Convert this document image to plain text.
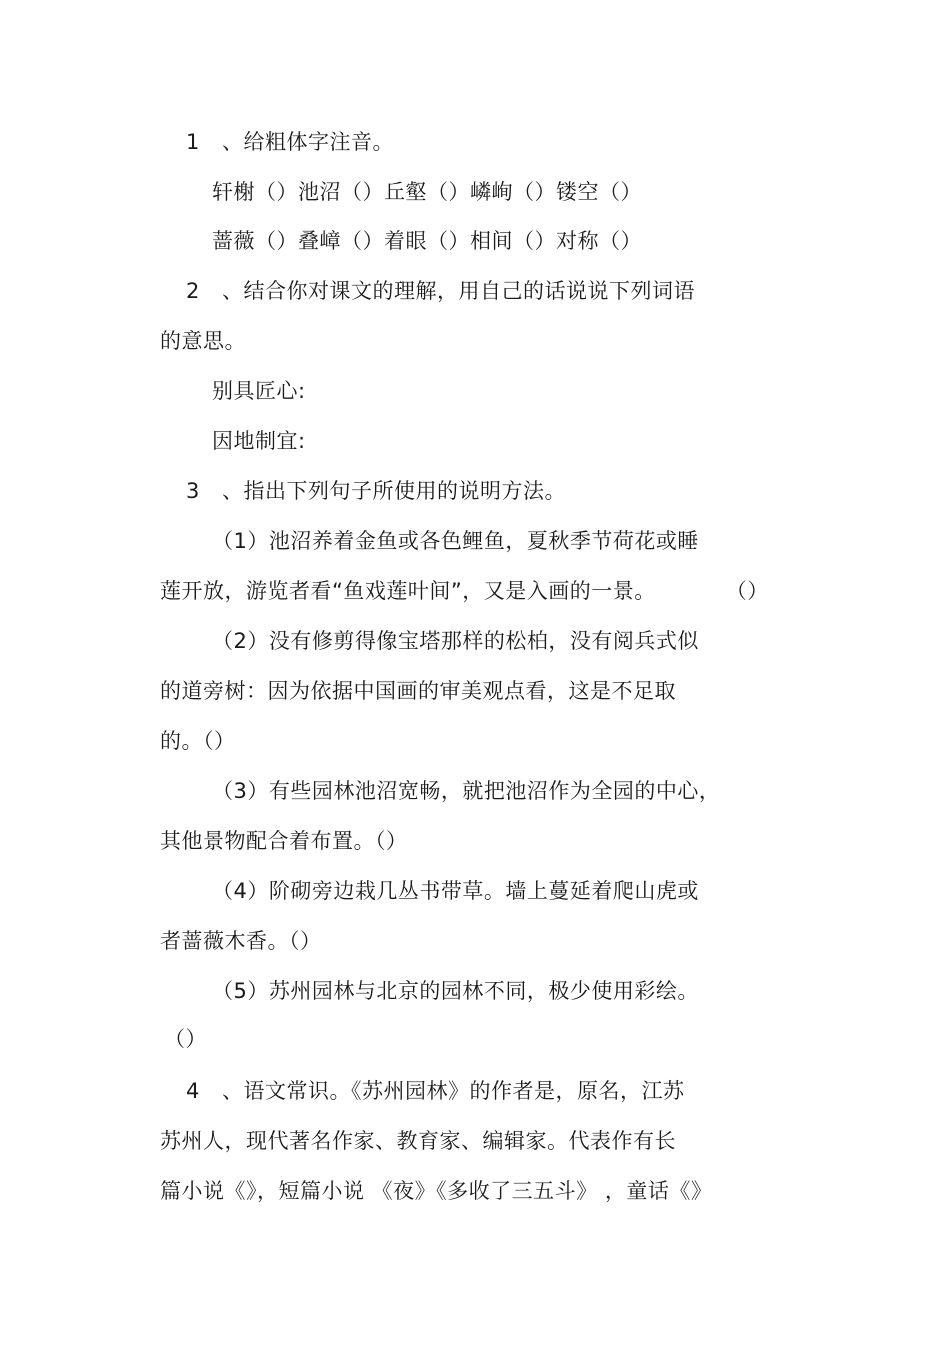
1 、给粗体字注音。
轩榭（）池沼（）丘壑（）嶙峋（）镂空（）
蔷薇（）叠嶂（）着眼（）相间（）对称（）
2 、结合你对课文的理解，用自己的话说说下列词语
的意思。
别具匠心:
因地制宜:
3 、指出下列句子所使用的说明方法。
（1）池沼养着金鱼或各色鲤鱼，夏秋季节荷花或睡
莲开放，游览者看“鱼戏莲叶间”，又是入画的一景。	（）
（2）没有修剪得像宝塔那样的松柏，没有阅兵式似
的道旁树：因为依据中国画的审美观点看，这是不足取
的。（）
（3）有些园林池沼宽畅，就把池沼作为全园的中心，
其他景物配合着布置。（）
（4）阶砌旁边栽几丛书带草。墙上蔓延着爬山虎或
者蔷薇木香。（）
（5）苏州园林与北京的园林不同，极少使用彩绘。
（）
4 、语文常识。《苏州园林》的作者是，原名，江苏
苏州人，现代著名作家、教育家、编辑家。代表作有长
篇小说《》，短篇小说 《夜》《多收了三五斗》 ，童话《》
